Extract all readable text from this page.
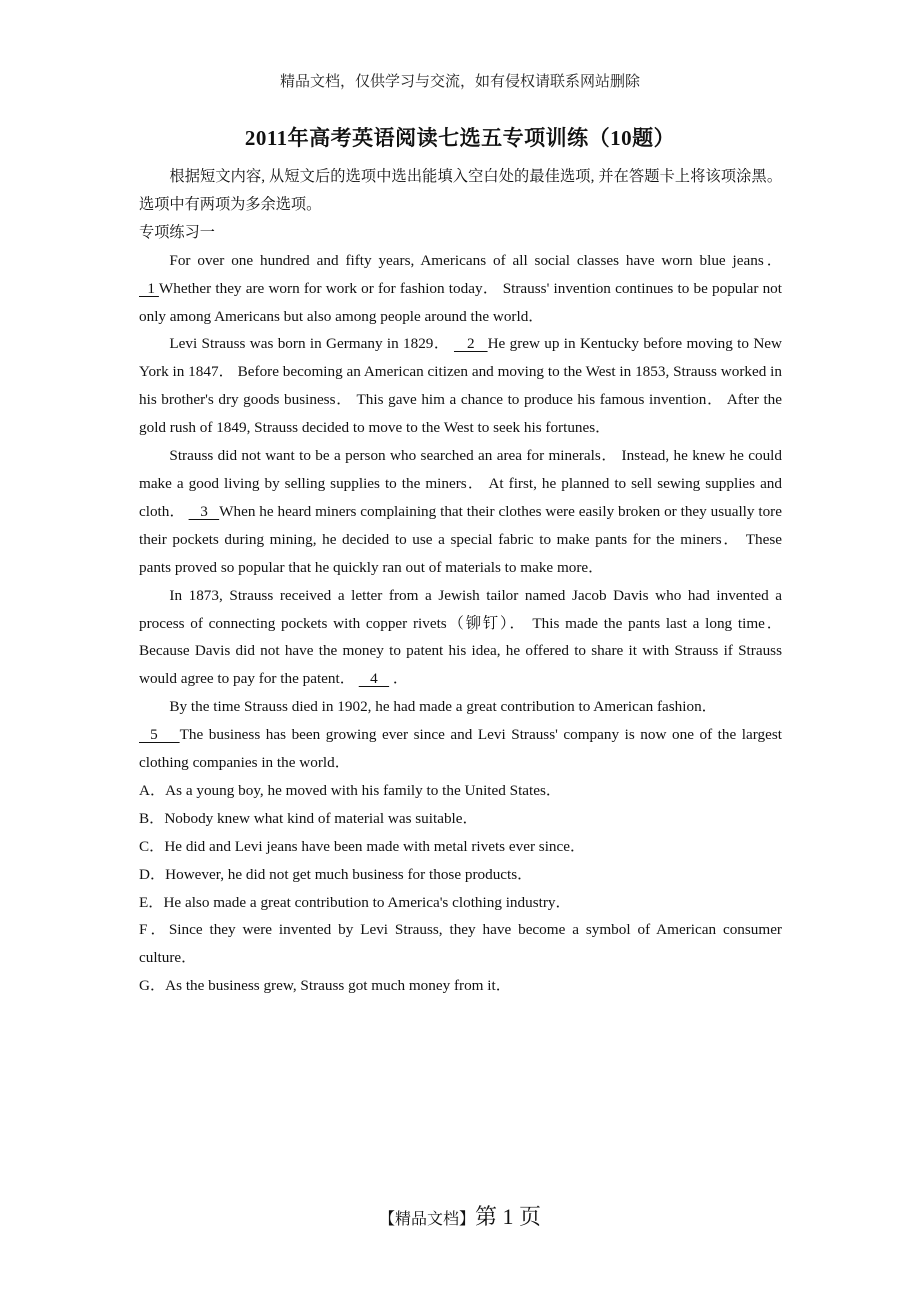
精品文档，仅供学习与交流，如有侵权请联系网站删除
2011年高考英语阅读七选五专项训练（10题）

根据短文内容, 从短文后的选项中选出能填入空白处的最佳选项, 并在答题卡上将该项涂黑。选项中有两项为多余选项。

专项练习一

For over one hundred and fifty years, Americans of all social classes have worn blue jeans．  1 Whether they are worn for work or for fashion today． Strauss' invention continues to be popular not only among Americans but also among people around the world．

Levi Strauss was born in Germany in 1829．    2   He grew up in Kentucky before moving to New York in 1847． Before becoming an American citizen and moving to the West in 1853, Strauss worked in his brother's dry goods business． This gave him a chance to produce his famous invention． After the gold rush of 1849, Strauss decided to move to the West to seek his fortunes．

Strauss did not want to be a person who searched an area for minerals． Instead, he knew he could make a good living by selling supplies to the miners． At first, he planned to sell sewing supplies and cloth．    3   When he heard miners complaining that their clothes were easily broken or they usually tore their pockets during mining, he decided to use a special fabric to make pants for the miners． These pants proved so popular that he quickly ran out of materials to make more．

In 1873, Strauss received a letter from a Jewish tailor named Jacob Davis who had invented a process of connecting pockets with copper rivets（铆钉）． This made the pants last a long time． Because Davis did not have the money to patent his idea, he offered to share it with Strauss if Strauss would agree to pay for the patent．    4    ．

By the time Strauss died in 1902, he had made a great contribution to American fashion．
5    The business has been growing ever since and Levi Strauss' company is now one of the largest clothing companies in the world．

A．As a young boy, he moved with his family to the United States．

B．Nobody knew what kind of material was suitable．

C．He did and Levi jeans have been made with metal rivets ever since．

D．However, he did not get much business for those products．

E．He also made a great contribution to America's clothing industry．

F．Since they were invented by Levi Strauss, they have become a symbol of American consumer culture．

G．As the business grew, Strauss got much money from it．

【精品文档】第 1 页
